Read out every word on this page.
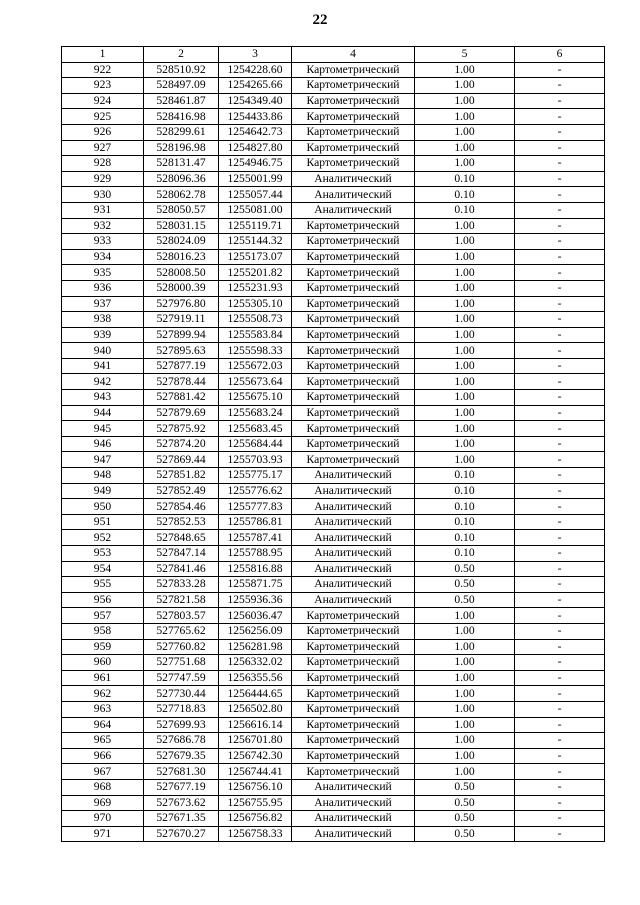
22
1	2	3	4	5	6
922	528510.92	1254228.60	Картометрический	1.00	-
923	528497.09	1254265.66	Картометрический	1.00	-
924	528461.87	1254349.40	Картометрический	1.00	-
925	528416.98	1254433.86	Картометрический	1.00	-
926	528299.61	1254642.73	Картометрический	1.00	-
927	528196.98	1254827.80	Картометрический	1.00	-
928	528131.47	1254946.75	Картометрический	1.00	-
929	528096.36	1255001.99	Аналитический	0.10	-
930	528062.78	1255057.44	Аналитический	0.10	-
931	528050.57	1255081.00	Аналитический	0.10	-
932	528031.15	1255119.71	Картометрический	1.00	-
933	528024.09	1255144.32	Картометрический	1.00	-
934	528016.23	1255173.07	Картометрический	1.00	-
935	528008.50	1255201.82	Картометрический	1.00	-
936	528000.39	1255231.93	Картометрический	1.00	-
937	527976.80	1255305.10	Картометрический	1.00	-
938	527919.11	1255508.73	Картометрический	1.00	-
939	527899.94	1255583.84	Картометрический	1.00	-
940	527895.63	1255598.33	Картометрический	1.00	-
941	527877.19	1255672.03	Картометрический	1.00	-
942	527878.44	1255673.64	Картометрический	1.00	-
943	527881.42	1255675.10	Картометрический	1.00	-
944	527879.69	1255683.24	Картометрический	1.00	-
945	527875.92	1255683.45	Картометрический	1.00	-
946	527874.20	1255684.44	Картометрический	1.00	-
947	527869.44	1255703.93	Картометрический	1.00	-
948	527851.82	1255775.17	Аналитический	0.10	-
949	527852.49	1255776.62	Аналитический	0.10	-
950	527854.46	1255777.83	Аналитический	0.10	-
951	527852.53	1255786.81	Аналитический	0.10	-
952	527848.65	1255787.41	Аналитический	0.10	-
953	527847.14	1255788.95	Аналитический	0.10	-
954	527841.46	1255816.88	Аналитический	0.50	-
955	527833.28	1255871.75	Аналитический	0.50	-
956	527821.58	1255936.36	Аналитический	0.50	-
957	527803.57	1256036.47	Картометрический	1.00	-
958	527765.62	1256256.09	Картометрический	1.00	-
959	527760.82	1256281.98	Картометрический	1.00	-
960	527751.68	1256332.02	Картометрический	1.00	-
961	527747.59	1256355.56	Картометрический	1.00	-
962	527730.44	1256444.65	Картометрический	1.00	-
963	527718.83	1256502.80	Картометрический	1.00	-
964	527699.93	1256616.14	Картометрический	1.00	-
965	527686.78	1256701.80	Картометрический	1.00	-
966	527679.35	1256742.30	Картометрический	1.00	-
967	527681.30	1256744.41	Картометрический	1.00	-
968	527677.19	1256756.10	Аналитический	0.50	-
969	527673.62	1256755.95	Аналитический	0.50	-
970	527671.35	1256756.82	Аналитический	0.50	-
971	527670.27	1256758.33	Аналитический	0.50	-
